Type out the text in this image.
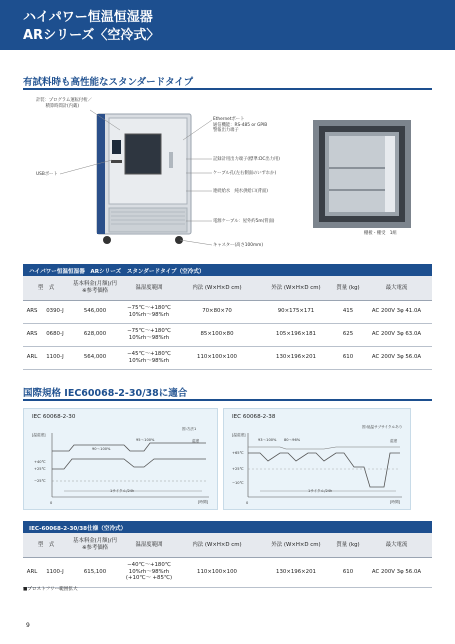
ハイパワー恒温恒湿器
ARシリーズ〈空冷式〉
有試料時も高性能なスタンダードタイプ
計装：プログラム運転付桁／
積算時間計(内蔵)
Ethernetポート
通信機能：RS-485 or GPIB
警報出力端子
記録計用出力端子(標準:DC出力用)
ケーブル孔(左右側面のいずれか)
連続給水　純水供給口(背面)
電源ケーブル：屋外約5m(背面)
USBポート
キャスター(高さ100mm)
棚板・棚受　1組
ハイパワー恒温恒湿器　ARシリーズ　スタンダードタイプ（空冷式）
型　式		基本料金(月額)/円
※参考価格	温湿度範囲	内法 (W×H×D cm)	外法 (W×H×D cm)	質量 (kg)	最大電流
ARS	0390-J	546,000	−75℃〜+180℃
10%rh〜98%rh	70×80×70	90×175×171	415	AC 200V 3φ 41.0A
ARS	0680-J	628,000	−75℃〜+180℃
10%rh〜98%rh	85×100×80	105×196×181	625	AC 200V 3φ 63.0A
ARL	1100-J	564,000	−45℃〜+180℃
10%rh〜98%rh	110×100×100	130×196×201	610	AC 200V 3φ 56.0A
国際規格 IEC60068-2-30/38に適合
IEC 60068-2-30
図:方法1
[温湿度]
+40℃
+25℃
−25℃
90〜100%
95〜100%	湿度
1サイクル/24h
[時間]
0
IEC 60068-2-38
図:低温サブサイクルあり
[温湿度]
+65℃
+25℃
−10℃
93〜100% 80〜96%	湿度
1サイクル/24h
[時間]
0
IEC-60068-2-30/38仕様（空冷式）
型　式		基本料金(月額)/円
※参考価格	温湿度範囲	内法 (W×H×D cm)	外法 (W×H×D cm)	質量 (kg)	最大電流
ARL	1100-J	615,100	−40℃〜+180℃
10%rh〜98%rh
(+10℃〜 +85℃)	110×100×100	130×196×201	610	AC 200V 3φ 56.0A
■プロストフリー範囲拡大
9
